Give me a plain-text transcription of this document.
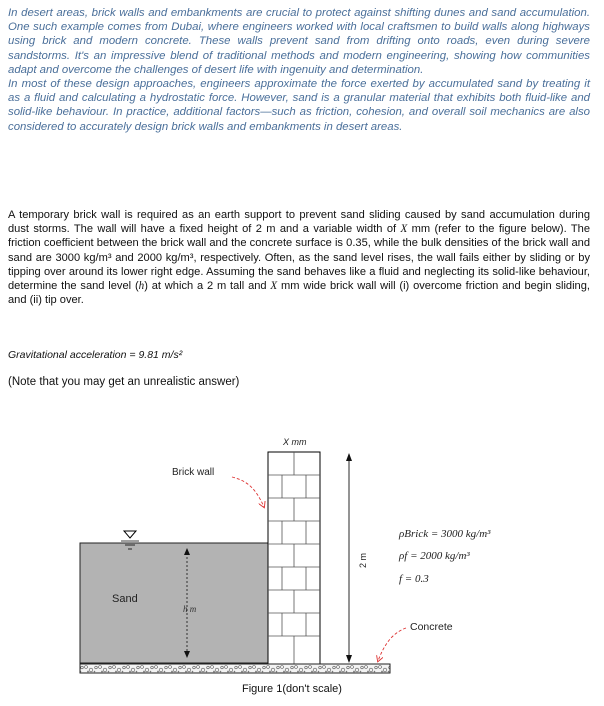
In desert areas, brick walls and embankments are crucial to protect against shifting dunes and sand accumulation. One such example comes from Dubai, where engineers worked with local craftsmen to build walls along highways using brick and modern concrete. These walls prevent sand from drifting onto roads, even during severe sandstorms. It's an impressive blend of traditional methods and modern engineering, showing how communities adapt and overcome the challenges of desert life with ingenuity and determination.

In most of these design approaches, engineers approximate the force exerted by accumulated sand by treating it as a fluid and calculating a hydrostatic force. However, sand is a granular material that exhibits both fluid-like and solid-like behaviour. In practice, additional factors—such as friction, cohesion, and overall soil mechanics are also considered to accurately design brick walls and embankments in desert areas.

A temporary brick wall is required as an earth support to prevent sand sliding caused by sand accumulation during dust storms. The wall will have a fixed height of 2 m and a variable width of X mm (refer to the figure below). The friction coefficient between the brick wall and the concrete surface is 0.35, while the bulk densities of the brick wall and sand are 3000 kg/m³ and 2000 kg/m³, respectively. Often, as the sand level rises, the wall fails either by sliding or by tipping over around its lower right edge. Assuming the sand behaves like a fluid and neglecting its solid-like behaviour, determine the sand level (h) at which a 2 m tall and X mm wide brick wall will (i) overcome friction and begin sliding, and (ii) tip over.

Gravitational acceleration = 9.81 m/s²
(Note that you may get an unrealistic answer)
X mm
Brick wall
Sand
h m
2 m
ρBrick = 3000 kg/m³
ρf = 2000 kg/m³
f = 0.3
Concrete
Figure 1(don't scale)
